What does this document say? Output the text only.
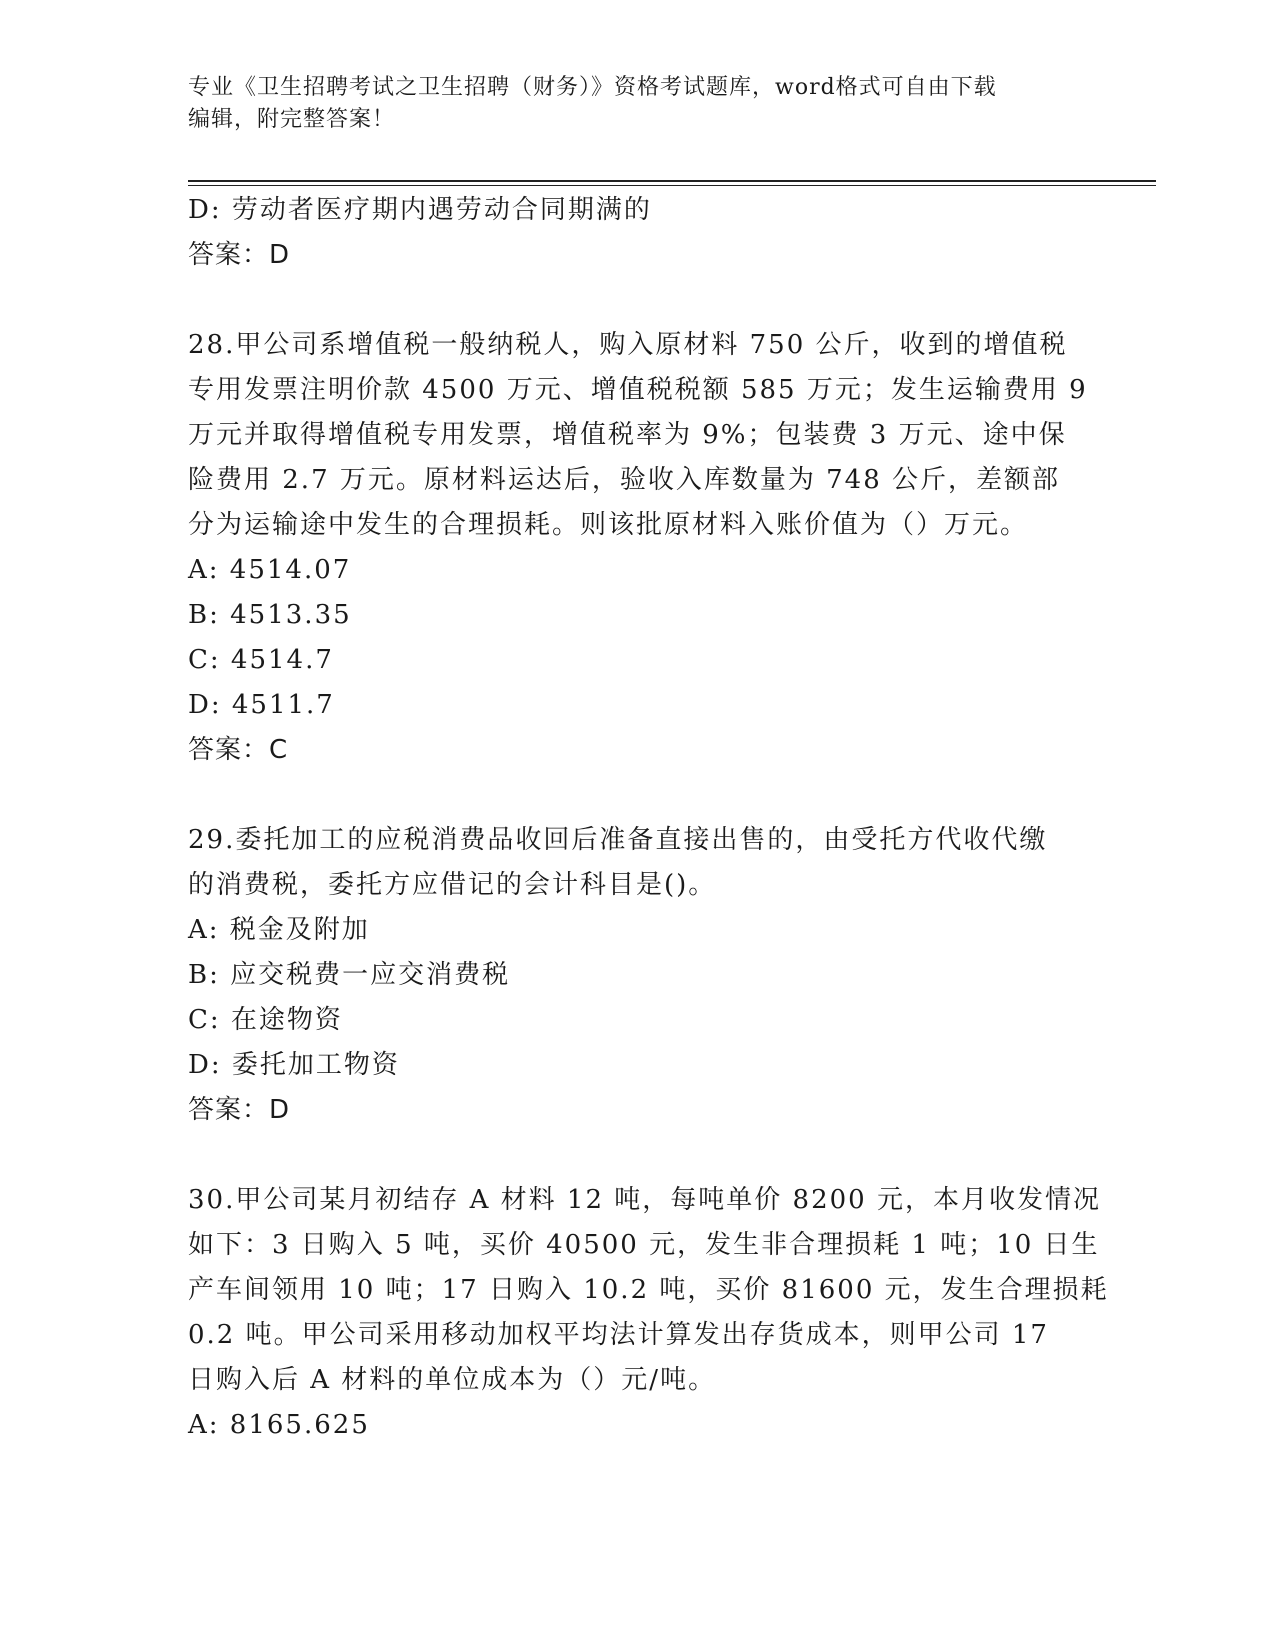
专业《卫生招聘考试之卫生招聘（财务）》资格考试题库，word格式可自由下载
编辑，附完整答案！
D: 劳动者医疗期内遇劳动合同期满的
答案：D
28.甲公司系增值税一般纳税人，购入原材料 750 公斤，收到的增值税
专用发票注明价款 4500 万元、增值税税额 585 万元；发生运输费用 9
万元并取得增值税专用发票，增值税率为 9%；包装费 3 万元、途中保
险费用 2.7 万元。原材料运达后，验收入库数量为 748 公斤，差额部
分为运输途中发生的合理损耗。则该批原材料入账价值为（）万元。
A: 4514.07
B: 4513.35
C: 4514.7
D: 4511.7
答案：C
29.委托加工的应税消费品收回后准备直接出售的，由受托方代收代缴
的消费税，委托方应借记的会计科目是()。
A: 税金及附加
B: 应交税费一应交消费税
C: 在途物资
D: 委托加工物资
答案：D
30.甲公司某月初结存 A 材料 12 吨，每吨单价 8200 元，本月收发情况
如下：3 日购入 5 吨，买价 40500 元，发生非合理损耗 1 吨；10 日生
产车间领用 10 吨；17 日购入 10.2 吨，买价 81600 元，发生合理损耗
0.2 吨。甲公司采用移动加权平均法计算发出存货成本，则甲公司 17
日购入后 A 材料的单位成本为（）元/吨。
A: 8165.625
